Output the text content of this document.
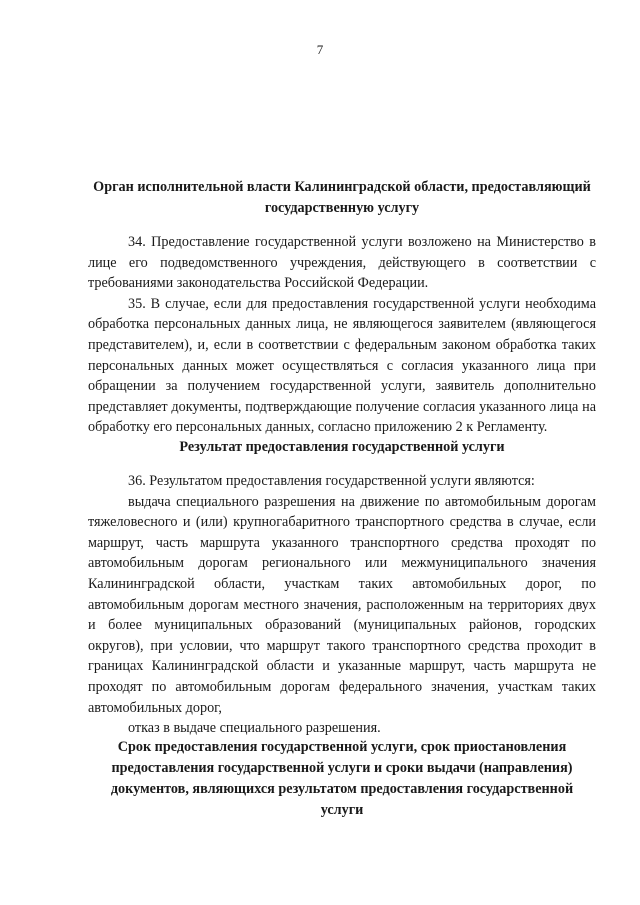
7
Орган исполнительной власти Калининградской области, предоставляющий государственную услугу

34. Предоставление государственной услуги возложено на Министерство в лице его подведомственного учреждения, действующего в соответствии с требованиями законодательства Российской Федерации.

35. В случае, если для предоставления государственной услуги необходима обработка персональных данных лица, не являющегося заявителем (являющегося представителем), и, если в соответствии с федеральным законом обработка таких персональных данных может осуществляться с согласия указанного лица при обращении за получением государственной услуги, заявитель дополнительно представляет документы, подтверждающие получение согласия указанного лица на обработку его персональных данных, согласно приложению 2 к Регламенту.

Результат предоставления государственной услуги

36. Результатом предоставления государственной услуги являются:

выдача специального разрешения на движение по автомобильным дорогам тяжеловесного и (или) крупногабаритного транспортного средства в случае, если маршрут, часть маршрута указанного транспортного средства проходят по автомобильным дорогам регионального или межмуниципального значения Калининградской области, участкам таких автомобильных дорог, по автомобильным дорогам местного значения, расположенным на территориях двух и более муниципальных образований (муниципальных районов, городских округов), при условии, что маршрут такого транспортного средства проходит в границах Калининградской области и указанные маршрут, часть маршрута не проходят по автомобильным дорогам федерального значения, участкам таких автомобильных дорог,

отказ в выдаче специального разрешения.

Срок предоставления государственной услуги, срок приостановления предоставления государственной услуги и сроки выдачи (направления) документов, являющихся результатом предоставления государственной услуги
